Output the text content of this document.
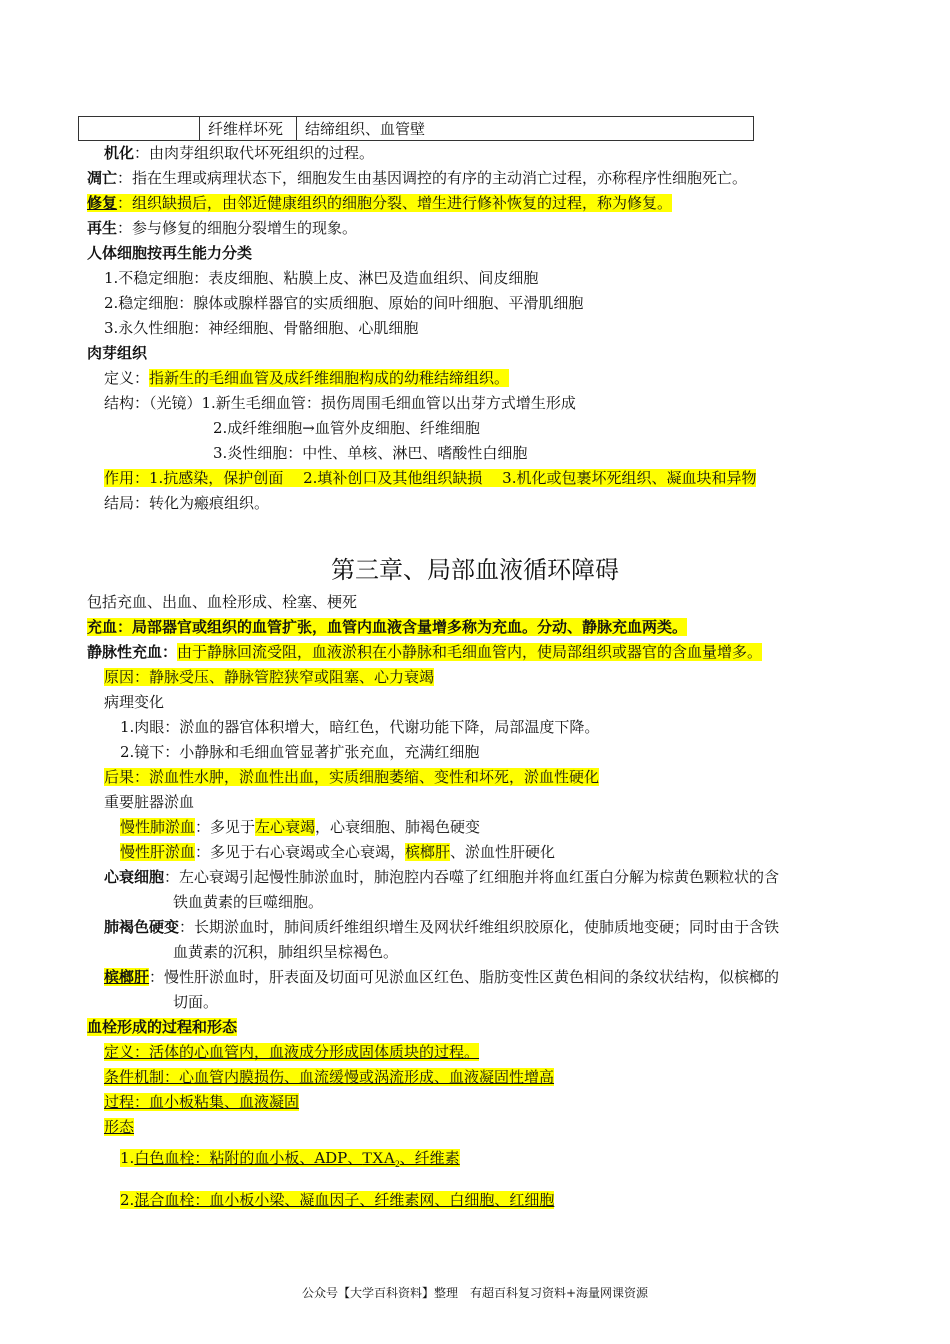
	纤维样坏死	结缔组织、血管壁
机化：由肉芽组织取代坏死组织的过程。
凋亡：指在生理或病理状态下，细胞发生由基因调控的有序的主动消亡过程，亦称程序性细胞死亡。
修复：组织缺损后，由邻近健康组织的细胞分裂、增生进行修补恢复的过程，称为修复。
再生：参与修复的细胞分裂增生的现象。
人体细胞按再生能力分类
1.不稳定细胞：表皮细胞、粘膜上皮、淋巴及造血组织、间皮细胞
2.稳定细胞：腺体或腺样器官的实质细胞、原始的间叶细胞、平滑肌细胞
3.永久性细胞：神经细胞、骨骼细胞、心肌细胞
肉芽组织
定义：指新生的毛细血管及成纤维细胞构成的幼稚结缔组织。
结构：（光镜）1.新生毛细血管：损伤周围毛细血管以出芽方式增生形成
2.成纤维细胞→血管外皮细胞、纤维细胞
3.炎性细胞：中性、单核、淋巴、嗜酸性白细胞
作用：1.抗感染，保护创面　 2.填补创口及其他组织缺损　 3.机化或包裹坏死组织、凝血块和异物
结局：转化为瘢痕组织。
第三章、局部血液循环障碍
包括充血、出血、血栓形成、栓塞、梗死
充血：局部器官或组织的血管扩张，血管内血液含量增多称为充血。分动、静脉充血两类。
静脉性充血：由于静脉回流受阻，血液淤积在小静脉和毛细血管内，使局部组织或器官的含血量增多。
原因：静脉受压、静脉管腔狭窄或阻塞、心力衰竭
病理变化
1.肉眼：淤血的器官体积增大，暗红色，代谢功能下降，局部温度下降。
2.镜下：小静脉和毛细血管显著扩张充血，充满红细胞
后果：淤血性水肿，淤血性出血，实质细胞萎缩、变性和坏死，淤血性硬化
重要脏器淤血
慢性肺淤血：多见于左心衰竭，心衰细胞、肺褐色硬变
慢性肝淤血：多见于右心衰竭或全心衰竭，槟榔肝、淤血性肝硬化
心衰细胞：左心衰竭引起慢性肺淤血时，肺泡腔内吞噬了红细胞并将血红蛋白分解为棕黄色颗粒状的含
铁血黄素的巨噬细胞。
肺褐色硬变：长期淤血时，肺间质纤维组织增生及网状纤维组织胶原化，使肺质地变硬；同时由于含铁
血黄素的沉积，肺组织呈棕褐色。
槟榔肝：慢性肝淤血时，肝表面及切面可见淤血区红色、脂肪变性区黄色相间的条纹状结构，似槟榔的
切面。
血栓形成的过程和形态
定义：活体的心血管内，血液成分形成固体质块的过程。
条件机制：心血管内膜损伤、血流缓慢或涡流形成、血液凝固性增高
过程：血小板粘集、血液凝固
形态
1.白色血栓：粘附的血小板、ADP、$TXA_2$、纤维素
2.混合血栓：血小板小梁、凝血因子、纤维素网、白细胞、红细胞
公众号【大学百科资料】整理　有超百科复习资料+海量网课资源
